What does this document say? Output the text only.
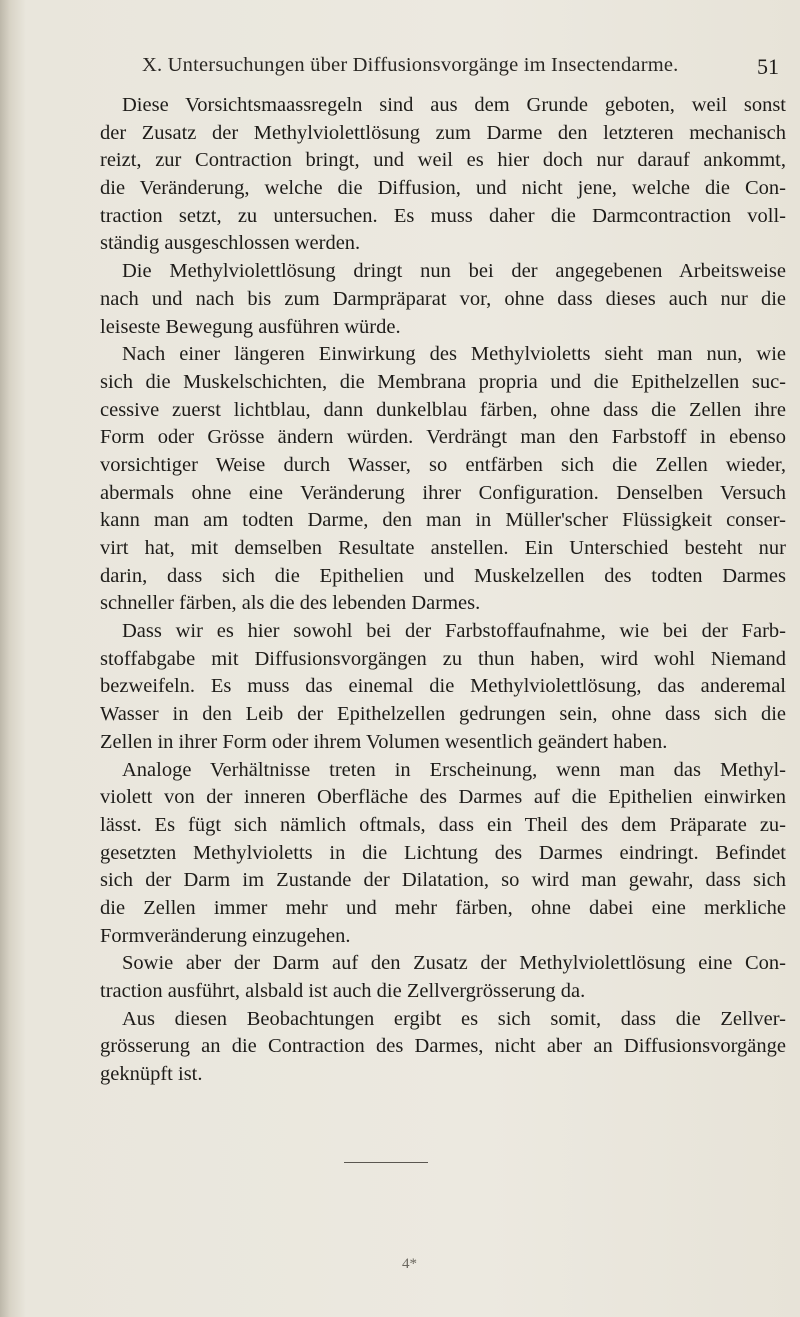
X. Untersuchungen über Diffusionsvorgänge im Insectendarme.	51
Diese Vorsichtsmaassregeln sind aus dem Grunde geboten, weil sonst
der Zusatz der Methylviolettlösung zum Darme den letzteren mechanisch
reizt, zur Contraction bringt, und weil es hier doch nur darauf ankommt,
die Veränderung, welche die Diffusion, und nicht jene, welche die Con-
traction setzt, zu untersuchen. Es muss daher die Darmcontraction voll-
ständig ausgeschlossen werden.
Die Methylviolettlösung dringt nun bei der angegebenen Arbeitsweise
nach und nach bis zum Darmpräparat vor, ohne dass dieses auch nur die
leiseste Bewegung ausführen würde.
Nach einer längeren Einwirkung des Methylvioletts sieht man nun, wie
sich die Muskelschichten, die Membrana propria und die Epithelzellen suc-
cessive zuerst lichtblau, dann dunkelblau färben, ohne dass die Zellen ihre
Form oder Grösse ändern würden. Verdrängt man den Farbstoff in ebenso
vorsichtiger Weise durch Wasser, so entfärben sich die Zellen wieder,
abermals ohne eine Veränderung ihrer Configuration. Denselben Versuch
kann man am todten Darme, den man in Müller'scher Flüssigkeit conser-
virt hat, mit demselben Resultate anstellen. Ein Unterschied besteht nur
darin, dass sich die Epithelien und Muskelzellen des todten Darmes
schneller färben, als die des lebenden Darmes.
Dass wir es hier sowohl bei der Farbstoffaufnahme, wie bei der Farb-
stoffabgabe mit Diffusionsvorgängen zu thun haben, wird wohl Niemand
bezweifeln. Es muss das einemal die Methylviolettlösung, das anderemal
Wasser in den Leib der Epithelzellen gedrungen sein, ohne dass sich die
Zellen in ihrer Form oder ihrem Volumen wesentlich geändert haben.
Analoge Verhältnisse treten in Erscheinung, wenn man das Methyl-
violett von der inneren Oberfläche des Darmes auf die Epithelien einwirken
lässt. Es fügt sich nämlich oftmals, dass ein Theil des dem Präparate zu-
gesetzten Methylvioletts in die Lichtung des Darmes eindringt. Befindet
sich der Darm im Zustande der Dilatation, so wird man gewahr, dass sich
die Zellen immer mehr und mehr färben, ohne dabei eine merkliche
Formveränderung einzugehen.
Sowie aber der Darm auf den Zusatz der Methylviolettlösung eine Con-
traction ausführt, alsbald ist auch die Zellvergrösserung da.
Aus diesen Beobachtungen ergibt es sich somit, dass die Zellver-
grösserung an die Contraction des Darmes, nicht aber an Diffusionsvorgänge
geknüpft ist.
4*
